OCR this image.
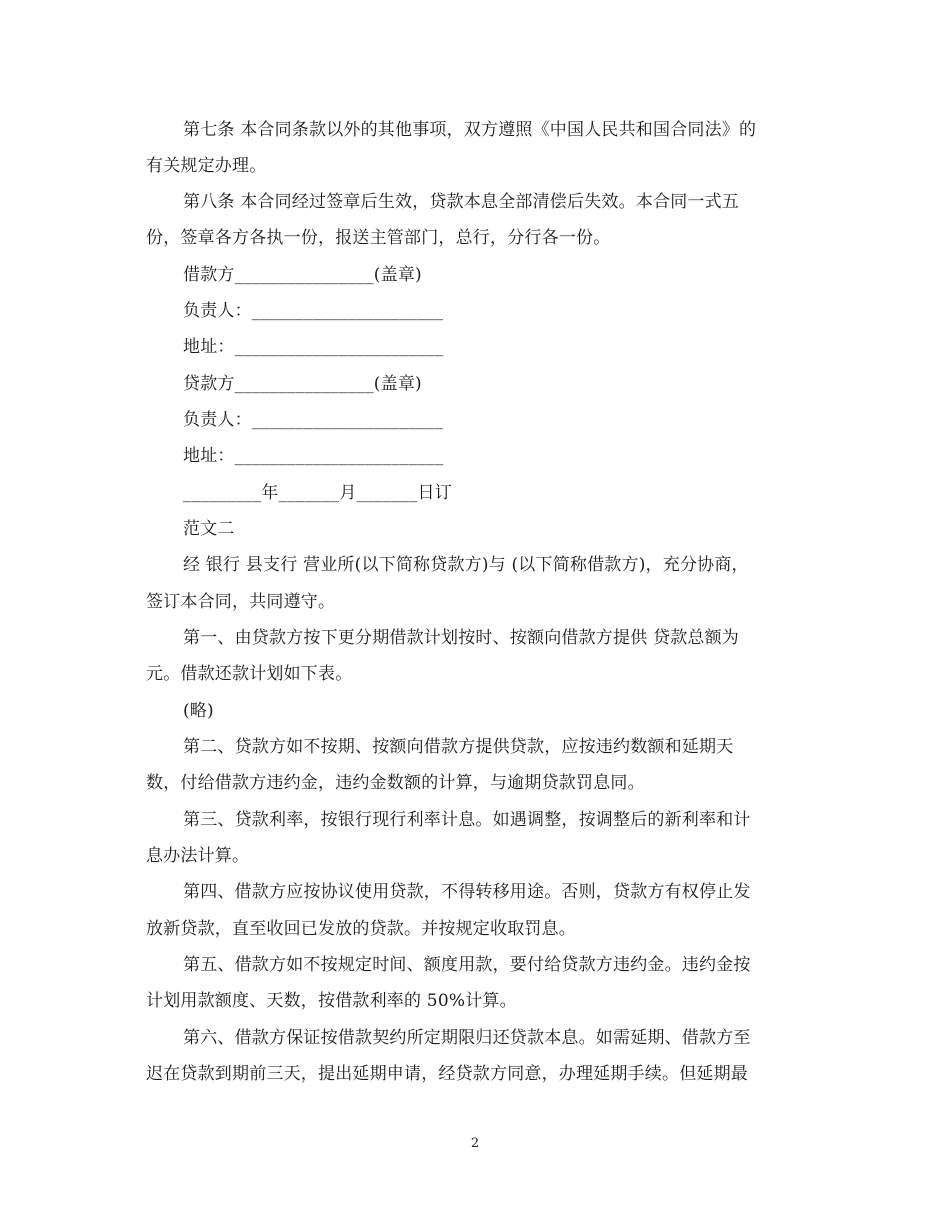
第七条 本合同条款以外的其他事项，双方遵照《中国人民共和国合同法》的
有关规定办理。
第八条 本合同经过签章后生效，贷款本息全部清偿后失效。本合同一式五
份，签章各方各执一份，报送主管部门，总行，分行各一份。
借款方________________(盖章)
负责人：______________________
地址：________________________
贷款方________________(盖章)
负责人：______________________
地址：________________________
_________年_______月_______日订
范文二
经 银行 县支行 营业所(以下简称贷款方)与 (以下简称借款方)，充分协商，
签订本合同，共同遵守。
第一、由贷款方按下更分期借款计划按时、按额向借款方提供 贷款总额为
元。借款还款计划如下表。
(略)
第二、贷款方如不按期、按额向借款方提供贷款，应按违约数额和延期天
数，付给借款方违约金，违约金数额的计算，与逾期贷款罚息同。
第三、贷款利率，按银行现行利率计息。如遇调整，按调整后的新利率和计
息办法计算。
第四、借款方应按协议使用贷款，不得转移用途。否则，贷款方有权停止发
放新贷款，直至收回已发放的贷款。并按规定收取罚息。
第五、借款方如不按规定时间、额度用款，要付给贷款方违约金。违约金按
计划用款额度、天数，按借款利率的 50%计算。
第六、借款方保证按借款契约所定期限归还贷款本息。如需延期、借款方至
迟在贷款到期前三天，提出延期申请，经贷款方同意，办理延期手续。但延期最
2
